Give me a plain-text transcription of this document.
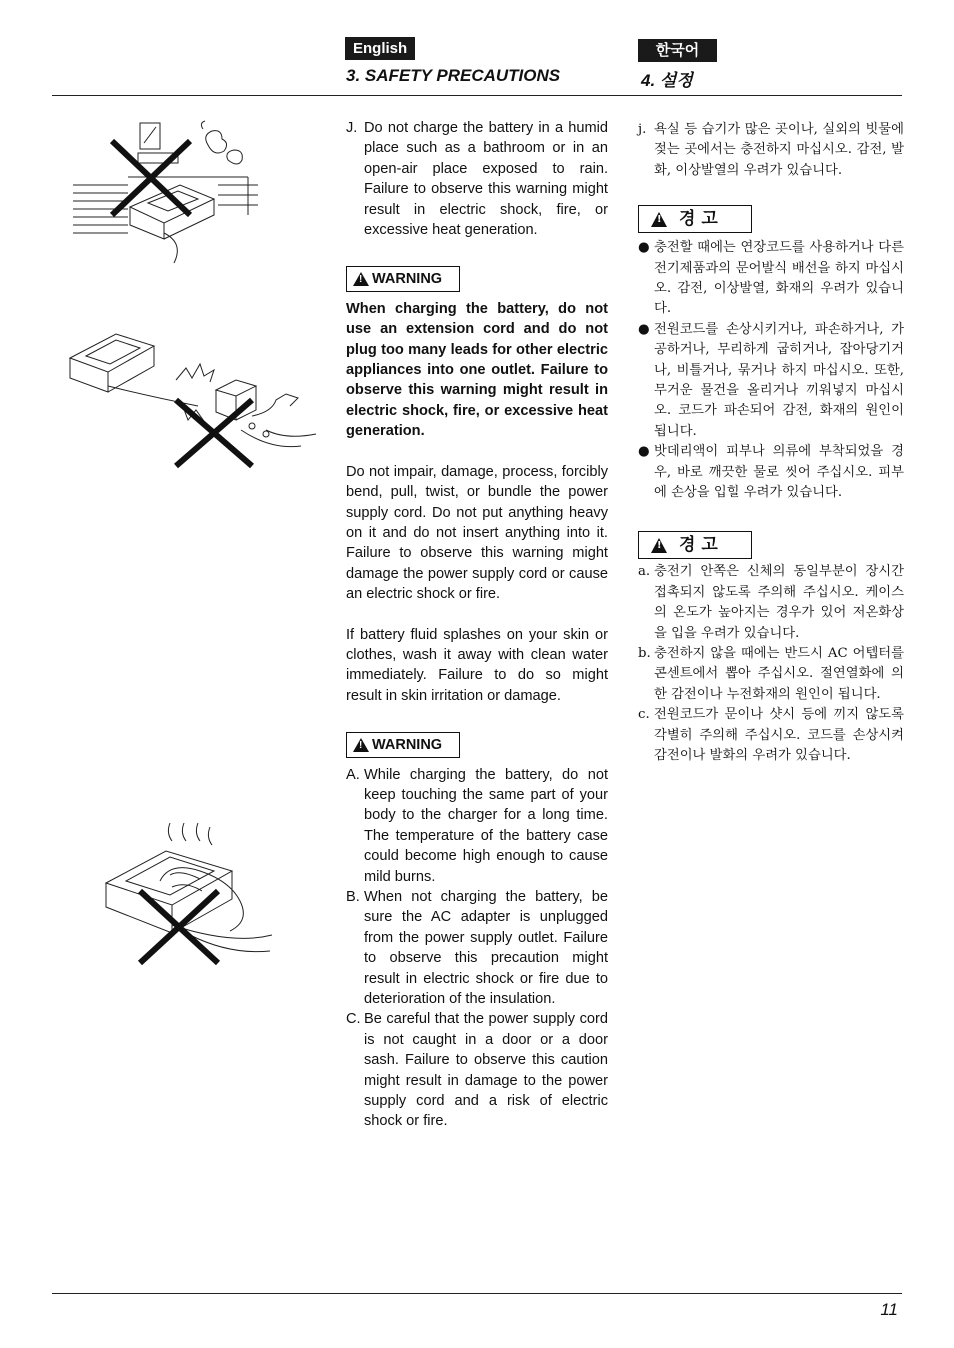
English	한국어
3. SAFETY PRECAUTIONS	4. 설정
J. Do not charge the battery in a humid place such as a bathroom or in an open-air place exposed to rain. Failure to observe this warning might result in electric shock, fire, or excessive heat generation.
!
WARNING

When charging the battery, do not use an extension cord and do not plug too many leads for other electric appliances into one outlet. Failure to observe this warning might result in electric shock, fire, or excessive heat generation.

Do not impair, damage, process, forcibly bend, pull, twist, or bundle the power supply cord. Do not put anything heavy on it and do not insert anything into it. Failure to observe this warning might damage the power supply cord or cause an electric shock or fire.

If battery fluid splashes on your skin or clothes, wash it away with clean water immediately. Failure to do so might result in skin irritation or damage.

!
WARNING
A. While charging the battery, do not keep touching the same part of your body to the charger for a long time. The temperature of the battery case could become high enough to cause mild burns.
B. When not charging the battery, be sure the AC adapter is unplugged from the power supply outlet. Failure to observe this precaution might result in electric shock or fire due to deterioration of the insulation.
C. Be careful that the power supply cord is not caught in a door or a door sash. Failure to observe this caution might result in damage to the power supply cord and a risk of electric shock or fire.
j. 욕실 등 습기가 많은 곳이나, 실외의 빗물에 젖는 곳에서는 충전하지 마십시오. 감전, 발화, 이상발열의 우려가 있습니다.
!
경 고
● 충전할 때에는 연장코드를 사용하거나 다른 전기제품과의 문어발식 배선을 하지 마십시오. 감전, 이상발열, 화재의 우려가 있습니다.
● 전원코드를 손상시키거나, 파손하거나, 가공하거나, 무리하게 굽히거나, 잡아당기거나, 비틀거나, 묶거나 하지 마십시오. 또한, 무거운 물건을 올리거나 끼워넣지 마십시오. 코드가 파손되어 감전, 화재의 원인이 됩니다.
● 밧데리액이 피부나 의류에 부착되었을 경우, 바로 깨끗한 물로 씻어 주십시오. 피부에 손상을 입힐 우려가 있습니다.
!
경 고
a. 충전기 안쪽은 신체의 동일부분이 장시간 접촉되지 않도록 주의해 주십시오. 케이스의 온도가 높아지는 경우가 있어 저온화상을 입을 우려가 있습니다.
b. 충전하지 않을 때에는 반드시 AC 어텝터를 콘센트에서 뽑아 주십시오. 절연열화에 의한 감전이나 누전화재의 원인이 됩니다.
c. 전원코드가 문이나 샷시 등에 끼지 않도록 각별히 주의해 주십시오. 코드를 손상시켜 감전이나 발화의 우려가 있습니다.
11
